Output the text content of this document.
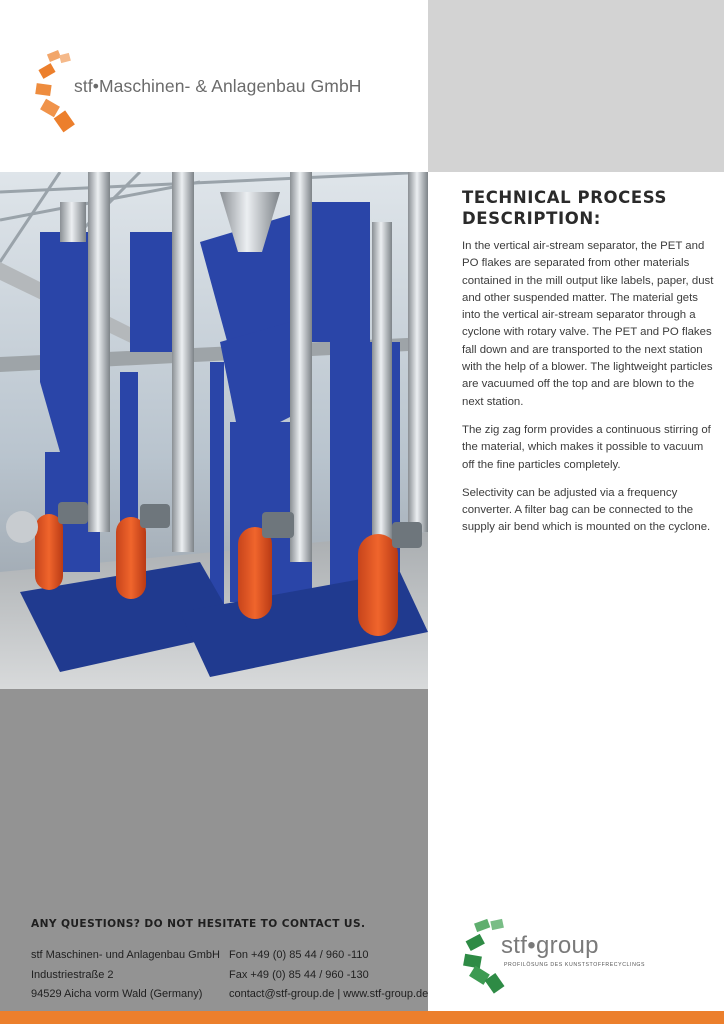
stf•Maschinen- & Anlagenbau GmbH
TECHNICAL PROCESS
DESCRIPTION:

In the vertical air-stream separator, the PET and PO flakes are separated from other materials contained in the mill output like labels, paper, dust and other suspended matter. The material gets into the vertical air-stream separator through a cyclone with rotary valve. The PET and PO flakes fall down and are transported to the next station with the help of a blower. The lightweight particles are vacuumed off the top and are blown to the next station.

The zig zag form provides a continuous stirring of the material, which makes it possible to vacuum off the fine particles completely.

Selectivity can be adjusted via a frequency converter. A filter bag can be connected to the supply air bend which is mounted on the cyclone.

ANY QUESTIONS? DO NOT HESITATE TO CONTACT US.
stf Maschinen- und Anlagenbau GmbH
Industriestraße 2
94529 Aicha vorm Wald (Germany)
Fon +49 (0) 85 44 / 960 -110
Fax +49 (0) 85 44 / 960 -130
contact@stf-group.de | www.stf-group.de
stf•group
PROFILÖSUNG DES KUNSTSTOFFRECYCLINGS
